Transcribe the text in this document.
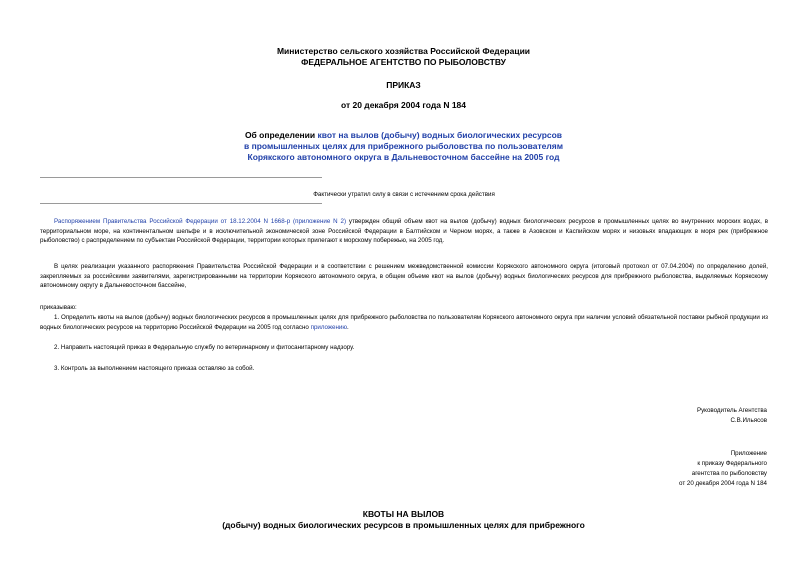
Министерство сельского хозяйства Российской Федерации
ФЕДЕРАЛЬНОЕ АГЕНТСТВО ПО РЫБОЛОВСТВУ
ПРИКАЗ
от 20 декабря 2004 года N 184
Об определении квот на вылов (добычу) водных биологических ресурсов
в промышленных целях для прибрежного рыболовства по пользователям
Корякского автономного округа в Дальневосточном бассейне на 2005 год
Фактически утратил силу в связи с истечением срока действия
Распоряжением Правительства Российской Федерации от 18.12.2004 N 1668-р (приложение N 2) утвержден общий объем квот на вылов (добычу) водных биологических ресурсов в промышленных целях во внутренних морских водах, в территориальном море, на континентальном шельфе и в исключительной экономической зоне Российской Федерации в Балтийском и Черном морях, а также в Азовском и Каспийском морях и низовьях впадающих в моря рек (прибрежное рыболовство) с распределением по субъектам Российской Федерации, территории которых прилегают к морскому побережью, на 2005 год.
В целях реализации указанного распоряжения Правительства Российской Федерации и в соответствии с решением межведомственной комиссии Корякского автономного округа (итоговый протокол от 07.04.2004) по определению долей, закрепляемых за российскими заявителями, зарегистрированными на территории Корякского автономного округа, в общем объеме квот на вылов (добычу) водных биологических ресурсов для прибрежного рыболовства, выделяемых Корякскому автономному округу в Дальневосточном бассейне,
приказываю:
1. Определить квоты на вылов (добычу) водных биологических ресурсов в промышленных целях для прибрежного рыболовства по пользователям Корякского автономного округа при наличии условий обязательной поставки рыбной продукции из водных биологических ресурсов на территорию Российской Федерации на 2005 год согласно приложению.
2. Направить настоящий приказ в Федеральную службу по ветеринарному и фитосанитарному надзору.
3. Контроль за выполнением настоящего приказа оставляю за собой.
Руководитель Агентства
С.В.Ильясов
Приложение
к приказу Федерального
агентства по рыболовству
от 20 декабря 2004 года N 184
КВОТЫ НА ВЫЛОВ
(добычу) водных биологических ресурсов в промышленных целях для прибрежного
